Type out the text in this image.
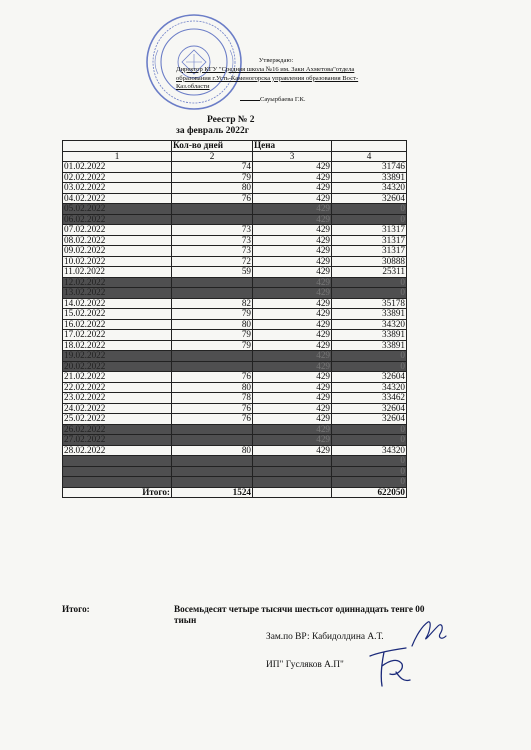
Утверждаю:
Директор КГУ "Средняя школа №16 им. Заки Ахметова"отдела
образования г.Усть-Каменогорска управления образования Вост-
Каз.области
Сауырбаева Г.К.
Реестр № 2
за февраль 2022г
	Кол-во дней	Цена	
1	2	3	4
01.02.2022	74	429	31746
02.02.2022	79	429	33891
03.02.2022	80	429	34320
04.02.2022	76	429	32604
05.02.2022		429	0
06.02.2022		429	0
07.02.2022	73	429	31317
08.02.2022	73	429	31317
09.02.2022	73	429	31317
10.02.2022	72	429	30888
11.02.2022	59	429	25311
12.02.2022		429	0
13.02.2022		429	0
14.02.2022	82	429	35178
15.02.2022	79	429	33891
16.02.2022	80	429	34320
17.02.2022	79	429	33891
18.02.2022	79	429	33891
19.02.2022		429	0
20.02.2022		429	0
21.02.2022	76	429	32604
22.02.2022	80	429	34320
23.02.2022	78	429	33462
24.02.2022	76	429	32604
25.02.2022	76	429	32604
26.02.2022		429	0
27.02.2022		429	0
28.02.2022	80	429	34320
			0
			0
			0
Итого:	1524		622050
Итого:	Восемьдесят четыре тысячи шестьсот одиннадцать тенге 00 тиын
Зам.по ВР: Кабидолдина А.Т.
ИП" Гусляков А.П"
